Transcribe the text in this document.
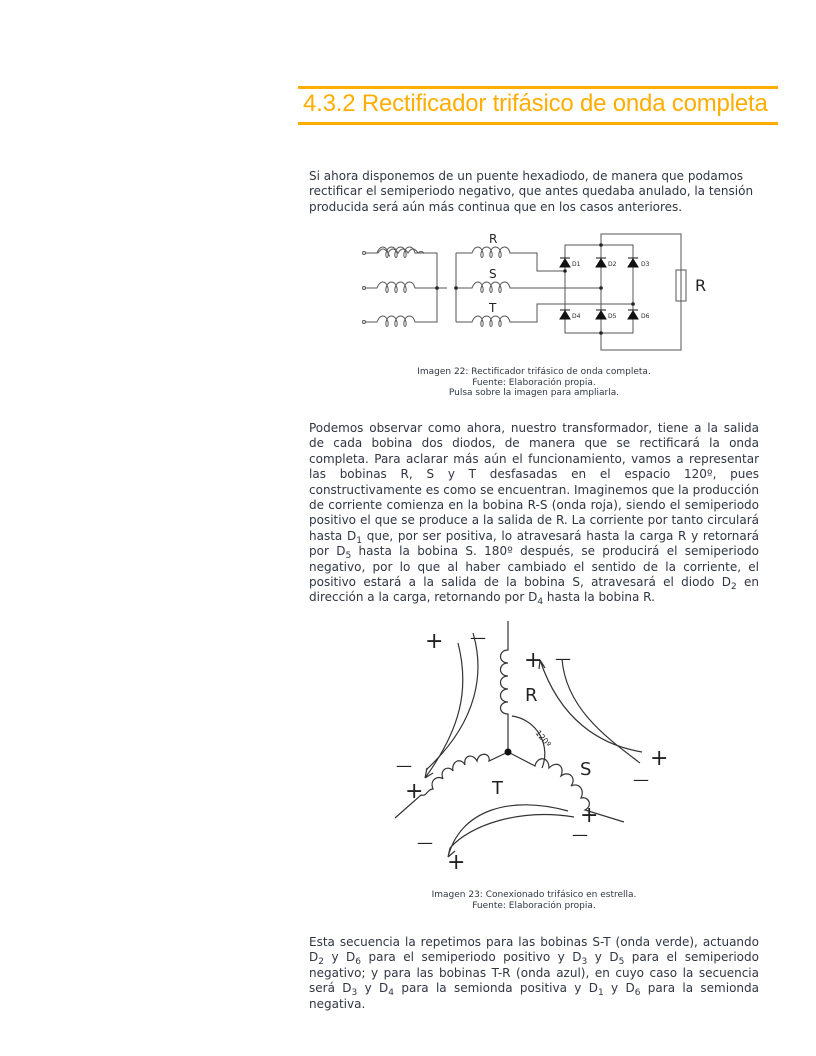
4.3.2 Rectificador trifásico de onda completa
Si ahora disponemos de un puente hexadiodo, de manera que podamos
rectificar el semiperiodo negativo, que antes quedaba anulado, la tensión
producida será aún más continua que en los casos anteriores.
R
S
T
R
D1	D2	D3
D4	D5	D6
R
S
T
120º
+
+
+
+
+
+
—
—
—
—
—
—
Imagen 22: Rectificador trifásico de onda completa.
Fuente: Elaboración propia.
Pulsa sobre la imagen para ampliarla.
Podemos observar como ahora, nuestro transformador, tiene a la salida de cada bobina dos diodos, de manera que se rectificará la onda completa. Para aclarar más aún el funcionamiento, vamos a representar las bobinas R, S y T desfasadas en el espacio 120º, pues constructivamente es como se encuentran. Imaginemos que la producción de corriente comienza en la bobina R-S (onda roja), siendo el semiperiodo positivo el que se produce a la salida de R. La corriente por tanto circulará hasta $D_1$ que, por ser positiva, lo atravesará hasta la carga R y retornará por $D_5$ hasta la bobina S. 180º después, se producirá el semiperiodo negativo, por lo que al haber cambiado el sentido de la corriente, el positivo estará a la salida de la bobina S, atravesará el diodo $D_2$ en dirección a la carga, retornando por $D_4$ hasta la bobina R.
Imagen 23: Conexionado trifásico en estrella.
Fuente: Elaboración propia.
Esta secuencia la repetimos para las bobinas S-T (onda verde), actuando $D_2$ y $D_6$ para el semiperiodo positivo y $D_3$ y $D_5$ para el semiperiodo negativo; y para las bobinas T-R (onda azul), en cuyo caso la secuencia será $D_3$ y $D_4$ para la semionda positiva y $D_1$ y $D_6$ para la semionda negativa.
